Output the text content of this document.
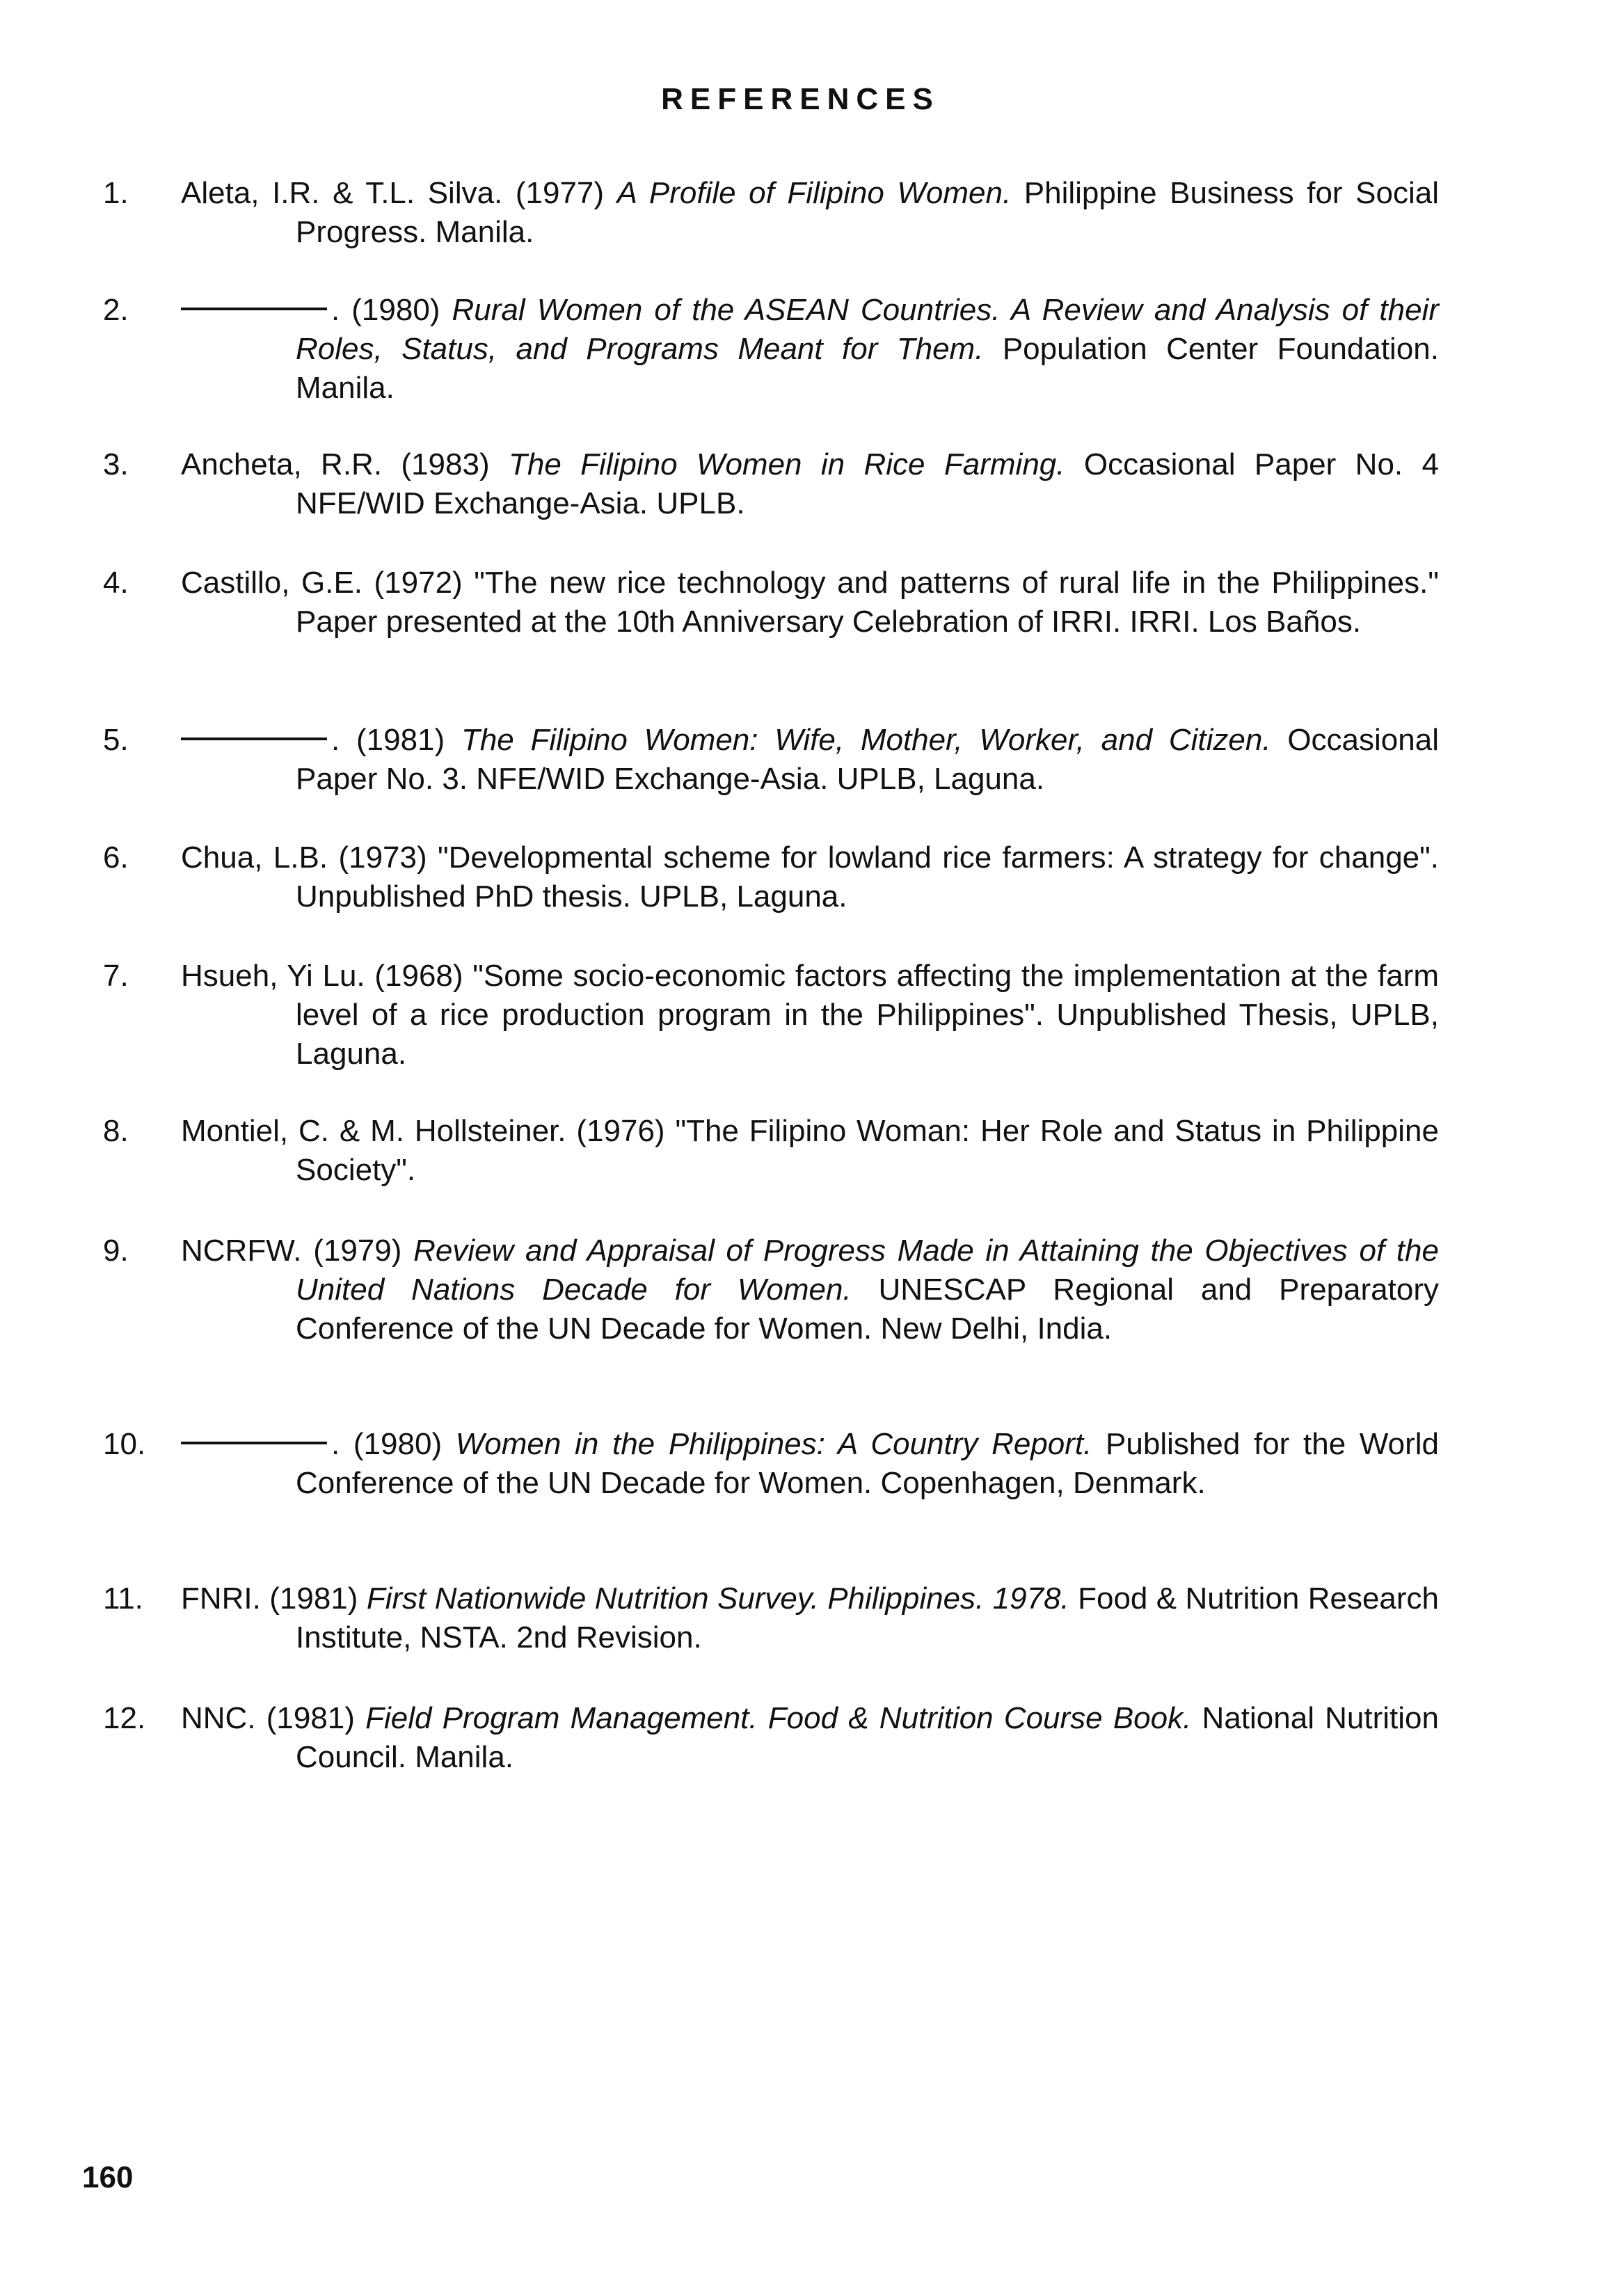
REFERENCES
1.	Aleta, I.R. & T.L. Silva. (1977) A Profile of Filipino Women. Philippine Business for Social Progress. Manila.
2.	. (1980) Rural Women of the ASEAN Countries. A Review and Analysis of their Roles, Status, and Programs Meant for Them. Population Center Foundation. Manila.
3.	Ancheta, R.R. (1983) The Filipino Women in Rice Farming. Occasional Paper No. 4 NFE/WID Exchange-Asia. UPLB.
4.	Castillo, G.E. (1972) "The new rice technology and patterns of rural life in the Philippines." Paper presented at the 10th Anniversary Celebration of IRRI. IRRI. Los Baños.
5.	. (1981) The Filipino Women: Wife, Mother, Worker, and Citizen. Occasional Paper No. 3. NFE/WID Exchange-Asia. UPLB, Laguna.
6.	Chua, L.B. (1973) "Developmental scheme for lowland rice farmers: A strategy for change". Unpublished PhD thesis. UPLB, Laguna.
7.	Hsueh, Yi Lu. (1968) "Some socio-economic factors affecting the implementation at the farm level of a rice production program in the Philippines". Unpublished Thesis, UPLB, Laguna.
8.	Montiel, C. & M. Hollsteiner. (1976) "The Filipino Woman: Her Role and Status in Philippine Society".
9.	NCRFW. (1979) Review and Appraisal of Progress Made in Attaining the Objectives of the United Nations Decade for Women. UNESCAP Regional and Preparatory Conference of the UN Decade for Women. New Delhi, India.
10.	. (1980) Women in the Philippines: A Country Report. Published for the World Conference of the UN Decade for Women. Copenhagen, Denmark.
11.	FNRI. (1981) First Nationwide Nutrition Survey. Philippines. 1978. Food & Nutrition Research Institute, NSTA. 2nd Revision.
12.	NNC. (1981) Field Program Management. Food & Nutrition Course Book. National Nutrition Council. Manila.
160
